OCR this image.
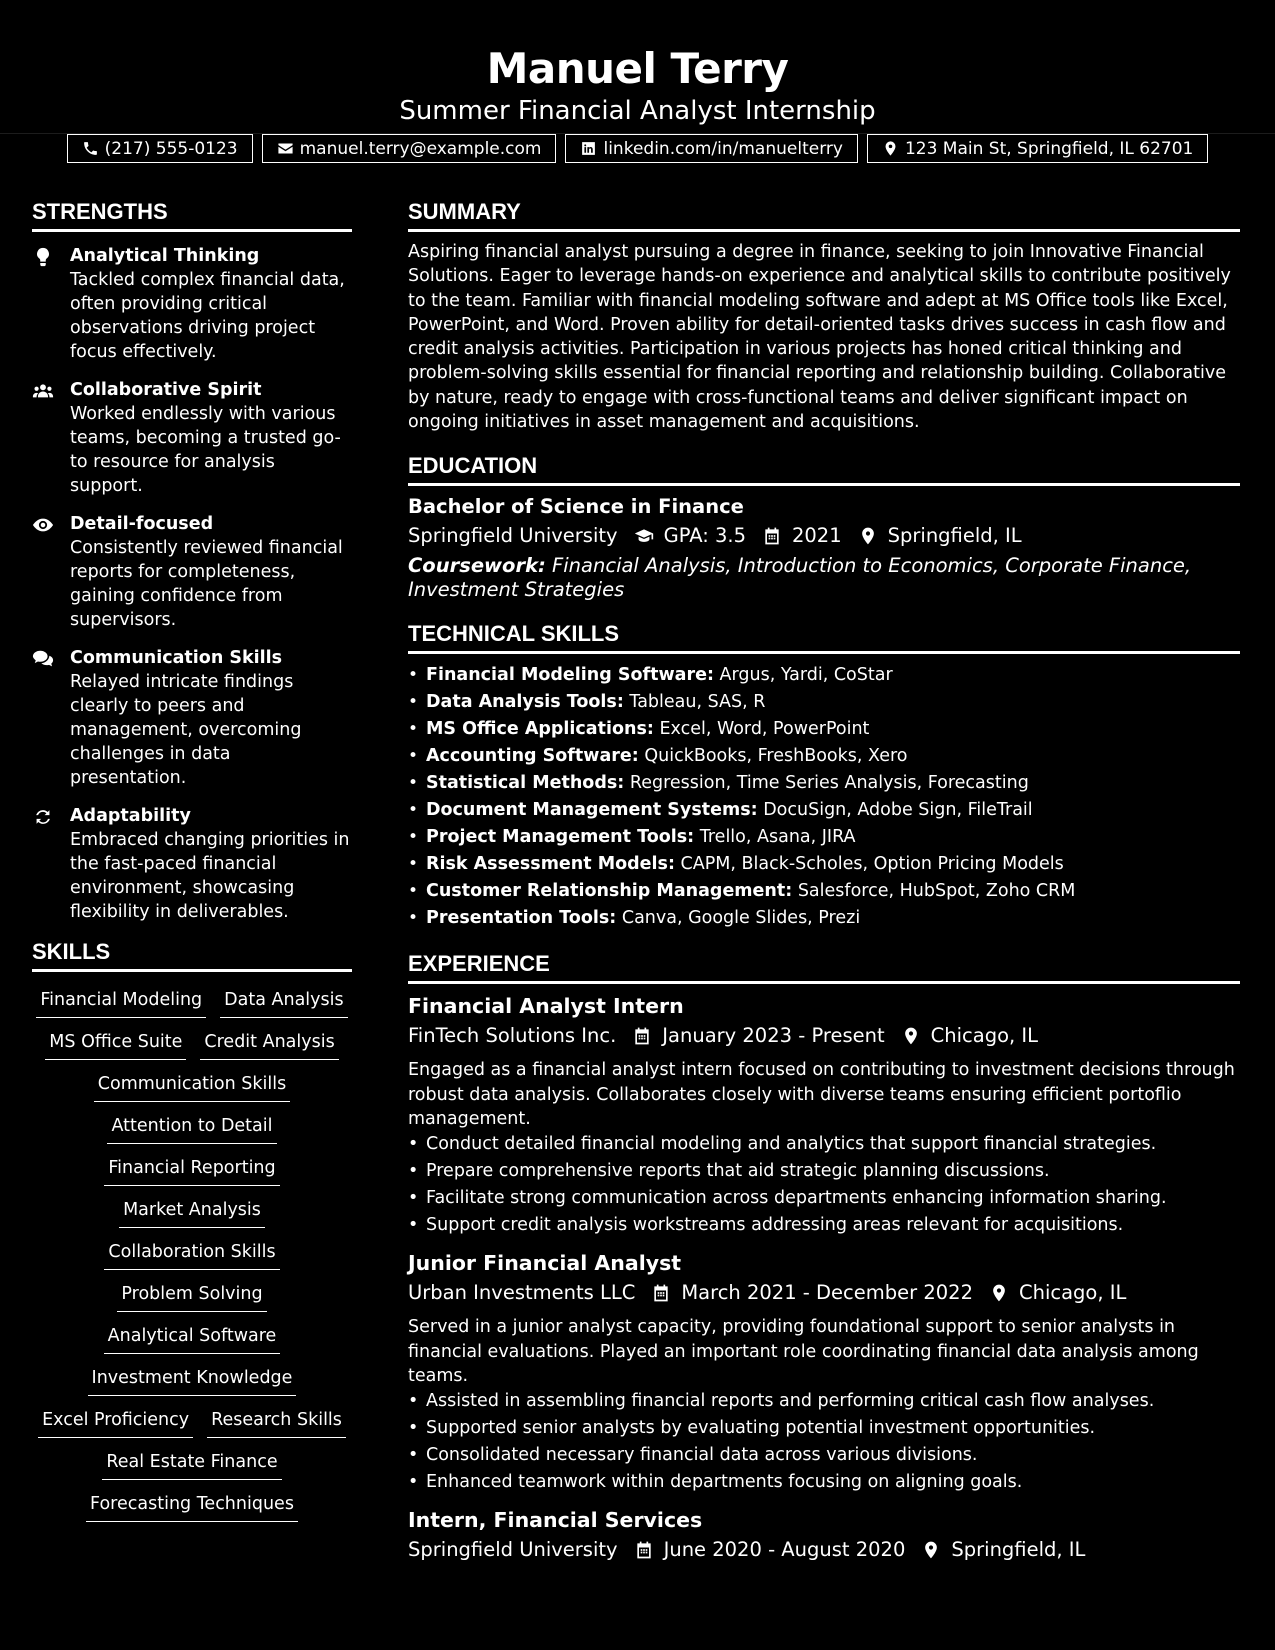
Manuel Terry
Summer Financial Analyst Internship
(217) 555-0123	manuel.terry@example.com	linkedin.com/in/manuelterry	123 Main St, Springfield, IL 62701
STRENGTHS
Analytical Thinking
Tackled complex financial data, often providing critical observations driving project focus effectively.
Collaborative Spirit
Worked endlessly with various teams, becoming a trusted go-to resource for analysis support.
Detail-focused
Consistently reviewed financial reports for completeness, gaining confidence from supervisors.
Communication Skills
Relayed intricate findings clearly to peers and management, overcoming challenges in data presentation.
Adaptability
Embraced changing priorities in the fast-paced financial environment, showcasing flexibility in deliverables.
SKILLS
Financial Modeling Data Analysis
MS Office Suite Credit Analysis
Communication Skills
Attention to Detail
Financial Reporting
Market Analysis
Collaboration Skills
Problem Solving
Analytical Software
Investment Knowledge
Excel Proficiency Research Skills
Real Estate Finance
Forecasting Techniques
SUMMARY

Aspiring financial analyst pursuing a degree in finance, seeking to join Innovative Financial Solutions. Eager to leverage hands-on experience and analytical skills to contribute positively to the team. Familiar with financial modeling software and adept at MS Office tools like Excel, PowerPoint, and Word. Proven ability for detail-oriented tasks drives success in cash flow and credit analysis activities. Participation in various projects has honed critical thinking and problem-solving skills essential for financial reporting and relationship building. Collaborative by nature, ready to engage with cross-functional teams and deliver significant impact on ongoing initiatives in asset management and acquisitions.

EDUCATION
Bachelor of Science in Finance
Springfield University GPA: 3.5 2021 Springfield, IL
Coursework: Financial Analysis, Introduction to Economics, Corporate Finance, Investment Strategies
TECHNICAL SKILLS
• Financial Modeling Software: Argus, Yardi, CoStar
• Data Analysis Tools: Tableau, SAS, R
• MS Office Applications: Excel, Word, PowerPoint
• Accounting Software: QuickBooks, FreshBooks, Xero
• Statistical Methods: Regression, Time Series Analysis, Forecasting
• Document Management Systems: DocuSign, Adobe Sign, FileTrail
• Project Management Tools: Trello, Asana, JIRA
• Risk Assessment Models: CAPM, Black-Scholes, Option Pricing Models
• Customer Relationship Management: Salesforce, HubSpot, Zoho CRM
• Presentation Tools: Canva, Google Slides, Prezi
EXPERIENCE
Financial Analyst Intern
FinTech Solutions Inc. January 2023 - Present Chicago, IL
Engaged as a financial analyst intern focused on contributing to investment decisions through robust data analysis. Collaborates closely with diverse teams ensuring efficient portoflio management.
• Conduct detailed financial modeling and analytics that support financial strategies.
• Prepare comprehensive reports that aid strategic planning discussions.
• Facilitate strong communication across departments enhancing information sharing.
• Support credit analysis workstreams addressing areas relevant for acquisitions.
Junior Financial Analyst
Urban Investments LLC March 2021 - December 2022 Chicago, IL
Served in a junior analyst capacity, providing foundational support to senior analysts in financial evaluations. Played an important role coordinating financial data analysis among teams.
• Assisted in assembling financial reports and performing critical cash flow analyses.
• Supported senior analysts by evaluating potential investment opportunities.
• Consolidated necessary financial data across various divisions.
• Enhanced teamwork within departments focusing on aligning goals.
Intern, Financial Services
Springfield University June 2020 - August 2020 Springfield, IL
